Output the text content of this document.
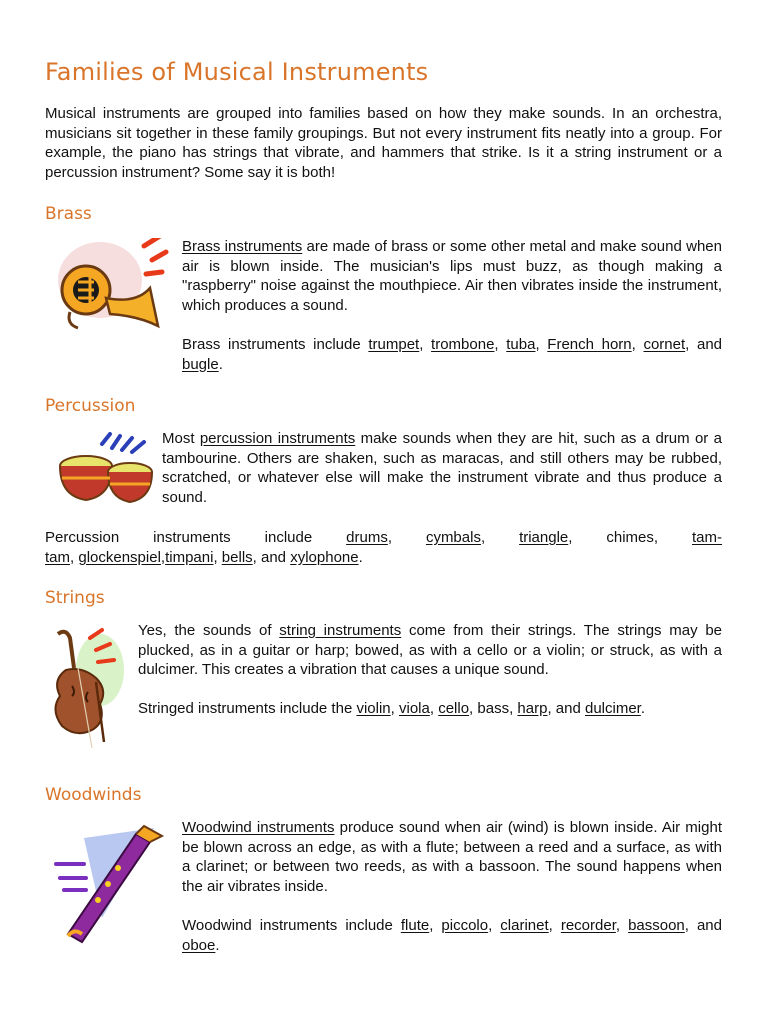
Families of Musical Instruments

Musical instruments are grouped into families based on how they make sounds. In an orchestra, musicians sit together in these family groupings. But not every instrument fits neatly into a group. For example, the piano has strings that vibrate, and hammers that strike. Is it a string instrument or a percussion instrument? Some say it is both!

Brass

Brass instruments are made of brass or some other metal and make sound when air is blown inside. The musician's lips must buzz, as though making a "raspberry" noise against the mouthpiece. Air then vibrates inside the instrument, which produces a sound.

Brass instruments include trumpet, trombone, tuba, French horn, cornet, and bugle.

Percussion

Most percussion instruments make sounds when they are hit, such as a drum or a tambourine. Others are shaken, such as maracas, and still others may be rubbed, scratched, or whatever else will make the instrument vibrate and thus produce a sound.

Percussion instruments include drums, cymbals, triangle, chimes, tam-

tam, glockenspiel,timpani, bells, and xylophone.

Strings

Yes, the sounds of string instruments come from their strings. The strings may be plucked, as in a guitar or harp; bowed, as with a cello or a violin; or struck, as with a dulcimer. This creates a vibration that causes a unique sound.

Stringed instruments include the violin, viola, cello, bass, harp, and dulcimer.

Woodwinds

Woodwind instruments produce sound when air (wind) is blown inside. Air might be blown across an edge, as with a flute; between a reed and a surface, as with a clarinet; or between two reeds, as with a bassoon. The sound happens when the air vibrates inside.

Woodwind instruments include flute, piccolo, clarinet, recorder, bassoon, and oboe.
